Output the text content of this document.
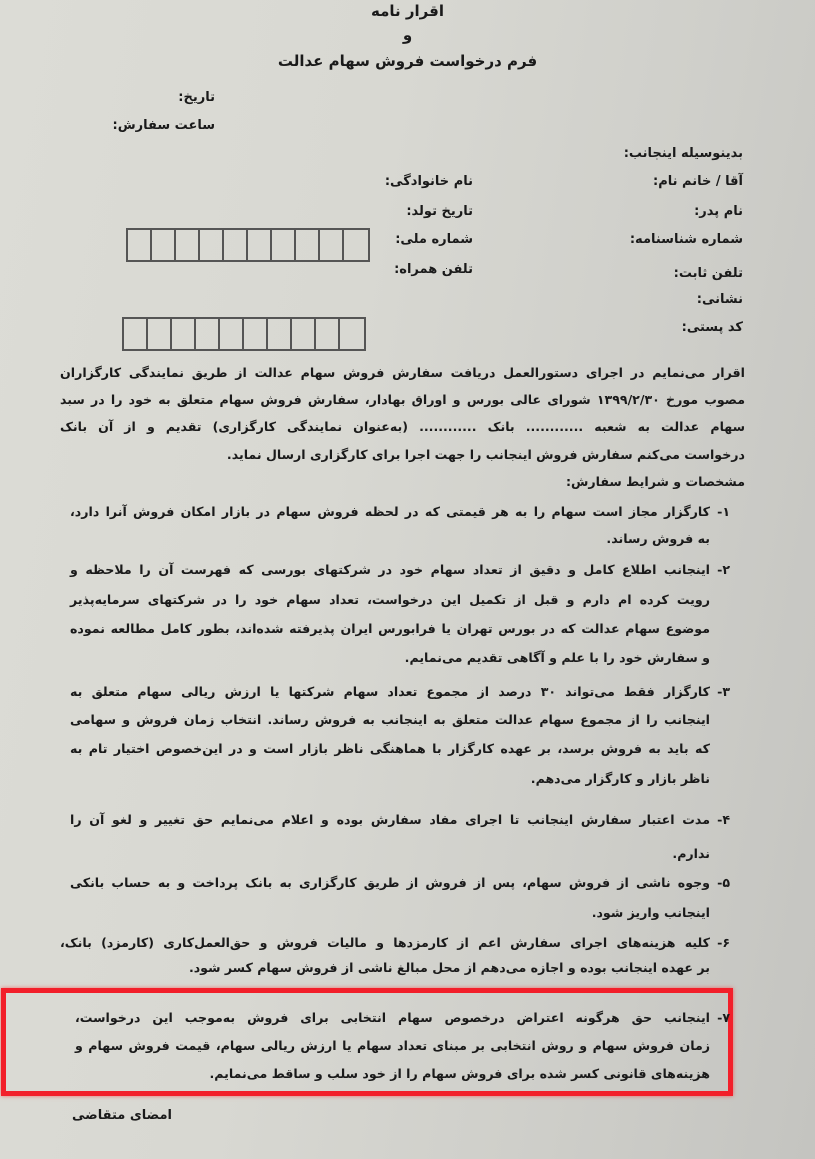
اقرار نامه
و
فرم درخواست فروش سهام عدالت
تاریخ:
ساعت سفارش:
بدینوسیله اینجانب:
آقا / خانم نام:
نام پدر:
شماره شناسنامه:
تلفن ثابت:
نشانی:
کد پستی:
نام خانوادگی:
تاریخ تولد:
شماره ملی:
تلفن همراه:
اقرار می‌نمایم در اجرای دستورالعمل دریافت سفارش فروش سهام عدالت از طریق نمایندگی کارگزاران
مصوب مورخ ۱۳۹۹/۲/۳۰ شورای عالی بورس و اوراق بهادار، سفارش فروش سهام متعلق به خود را در سبد
سهام عدالت به شعبه ............ بانک ............ (به‌عنوان نمایندگی کارگزاری) تقدیم و از آن بانک
درخواست می‌کنم سفارش فروش اینجانب را جهت اجرا برای کارگزاری ارسال نماید.
مشخصات و شرایط سفارش:
۱-
کارگزار مجاز است سهام را به هر قیمتی که در لحظه فروش سهام در بازار امکان فروش آنرا دارد،
به فروش رساند.
۲-
اینجانب اطلاع کامل و دقیق از تعداد سهام خود در شرکتهای بورسی که فهرست آن را ملاحظه و
رویت کرده ام دارم و قبل از تکمیل این درخواست، تعداد سهام خود را در شرکتهای سرمایه‌پذیر
موضوع سهام عدالت که در بورس تهران یا فرابورس ایران پذیرفته شده‌اند، بطور کامل مطالعه نموده
و سفارش خود را با علم و آگاهی تقدیم می‌نمایم.
۳-
کارگزار فقط می‌تواند ۳۰ درصد از مجموع تعداد سهام شرکتها یا ارزش ریالی سهام متعلق به
اینجانب را از مجموع سهام عدالت متعلق به اینجانب به فروش رساند. انتخاب زمان فروش و سهامی
که باید به فروش برسد، بر عهده کارگزار با هماهنگی ناظر بازار است و در این‌خصوص اختیار تام به
ناظر بازار و کارگزار می‌دهم.
۴-
مدت اعتبار سفارش اینجانب تا اجرای مفاد سفارش بوده و اعلام می‌نمایم حق تغییر و لغو آن را
ندارم.
۵-
وجوه ناشی از فروش سهام، پس از فروش از طریق کارگزاری به بانک پرداخت و به حساب بانکی
اینجانب واریز شود.
۶-
کلیه هزینه‌های اجرای سفارش اعم از کارمزدها و مالیات فروش و حق‌العمل‌کاری (کارمزد) بانک،
بر عهده اینجانب بوده و اجازه می‌دهم از محل مبالغ ناشی از فروش سهام کسر شود.
۷-
اینجانب حق هرگونه اعتراض درخصوص سهام انتخابی برای فروش به‌موجب این درخواست،
زمان فروش سهام و روش انتخابی بر مبنای تعداد سهام یا ارزش ریالی سهام، قیمت فروش سهام و
هزینه‌های قانونی کسر شده برای فروش سهام را از خود سلب و ساقط می‌نمایم.
امضای متقاضی
